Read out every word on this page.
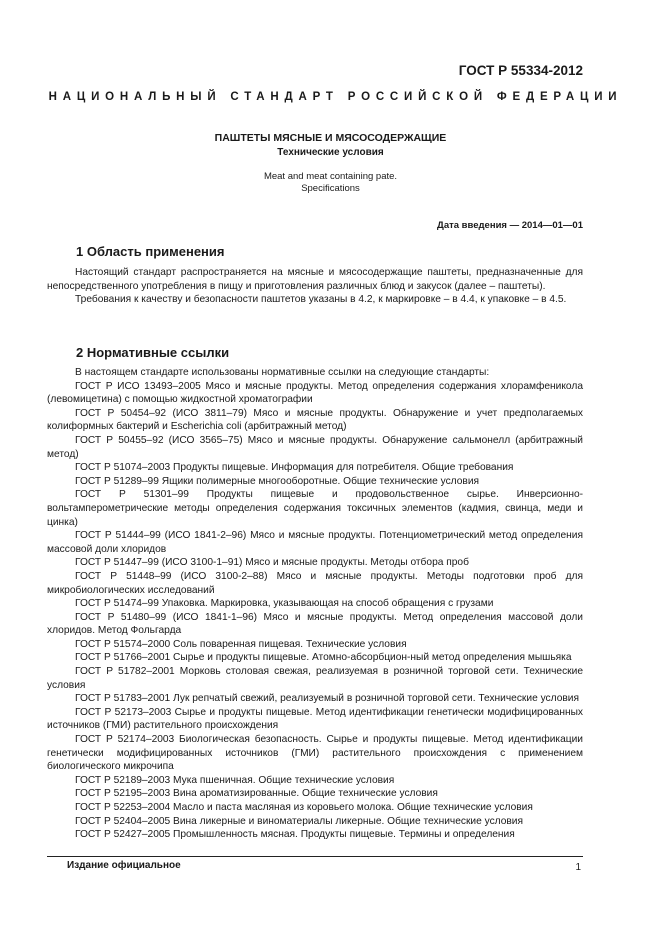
ГОСТ Р 55334-2012
НАЦИОНАЛЬНЫЙ СТАНДАРТ РОССИЙСКОЙ ФЕДЕРАЦИИ
ПАШТЕТЫ МЯСНЫЕ И МЯСОСОДЕРЖАЩИЕ
Технические условия
Meat and meat containing pate.
Specifications
Дата введения — 2014—01—01
1 Область применения

Настоящий стандарт распространяется на мясные и мясосодержащие паштеты, предназначенные для непосредственного употребления в пищу и приготовления различных блюд и закусок (далее – паштеты).

Требования к качеству и безопасности паштетов указаны в 4.2, к маркировке – в 4.4, к упаковке – в 4.5.

2 Нормативные ссылки

В настоящем стандарте использованы нормативные ссылки на следующие стандарты:

ГОСТ Р ИСО 13493–2005 Мясо и мясные продукты. Метод определения содержания хлорамфеникола (левомицетина) с помощью жидкостной хроматографии

ГОСТ Р 50454–92 (ИСО 3811–79) Мясо и мясные продукты. Обнаружение и учет предполагаемых колиформных бактерий и Escherichia coli (арбитражный метод)

ГОСТ Р 50455–92 (ИСО 3565–75) Мясо и мясные продукты. Обнаружение сальмонелл (арбитражный метод)

ГОСТ Р 51074–2003 Продукты пищевые. Информация для потребителя. Общие требования

ГОСТ Р 51289–99 Ящики полимерные многооборотные. Общие технические условия

ГОСТ Р 51301–99 Продукты пищевые и продовольственное сырье. Инверсионно-вольтамперометрические методы определения содержания токсичных элементов (кадмия, свинца, меди и цинка)

ГОСТ Р 51444–99 (ИСО 1841-2–96) Мясо и мясные продукты. Потенциометрический метод определения массовой доли хлоридов

ГОСТ Р 51447–99 (ИСО 3100-1–91) Мясо и мясные продукты. Методы отбора проб

ГОСТ Р 51448–99 (ИСО 3100-2–88) Мясо и мясные продукты. Методы подготовки проб для микробиологических исследований

ГОСТ Р 51474–99 Упаковка. Маркировка, указывающая на способ обращения с грузами

ГОСТ Р 51480–99 (ИСО 1841-1–96) Мясо и мясные продукты. Метод определения массовой доли хлоридов. Метод Фольгарда

ГОСТ Р 51574–2000 Соль поваренная пищевая. Технические условия

ГОСТ Р 51766–2001 Сырье и продукты пищевые. Атомно-абсорбцион-ный метод определения мышьяка

ГОСТ Р 51782–2001 Морковь столовая свежая, реализуемая в розничной торговой сети. Технические условия

ГОСТ Р 51783–2001 Лук репчатый свежий, реализуемый в розничной торговой сети. Технические условия

ГОСТ Р 52173–2003 Сырье и продукты пищевые. Метод идентификации генетически модифицированных источников (ГМИ) растительного происхождения

ГОСТ Р 52174–2003 Биологическая безопасность. Сырье и продукты пищевые. Метод идентификации генетически модифицированных источников (ГМИ) растительного происхождения с применением биологического микрочипа

ГОСТ Р 52189–2003 Мука пшеничная. Общие технические условия

ГОСТ Р 52195–2003 Вина ароматизированные. Общие технические условия

ГОСТ Р 52253–2004 Масло и паста масляная из коровьего молока. Общие технические условия

ГОСТ Р 52404–2005 Вина ликерные и виноматериалы ликерные. Общие технические условия

ГОСТ Р 52427–2005 Промышленность мясная. Продукты пищевые. Термины и определения

Издание официальное	1
